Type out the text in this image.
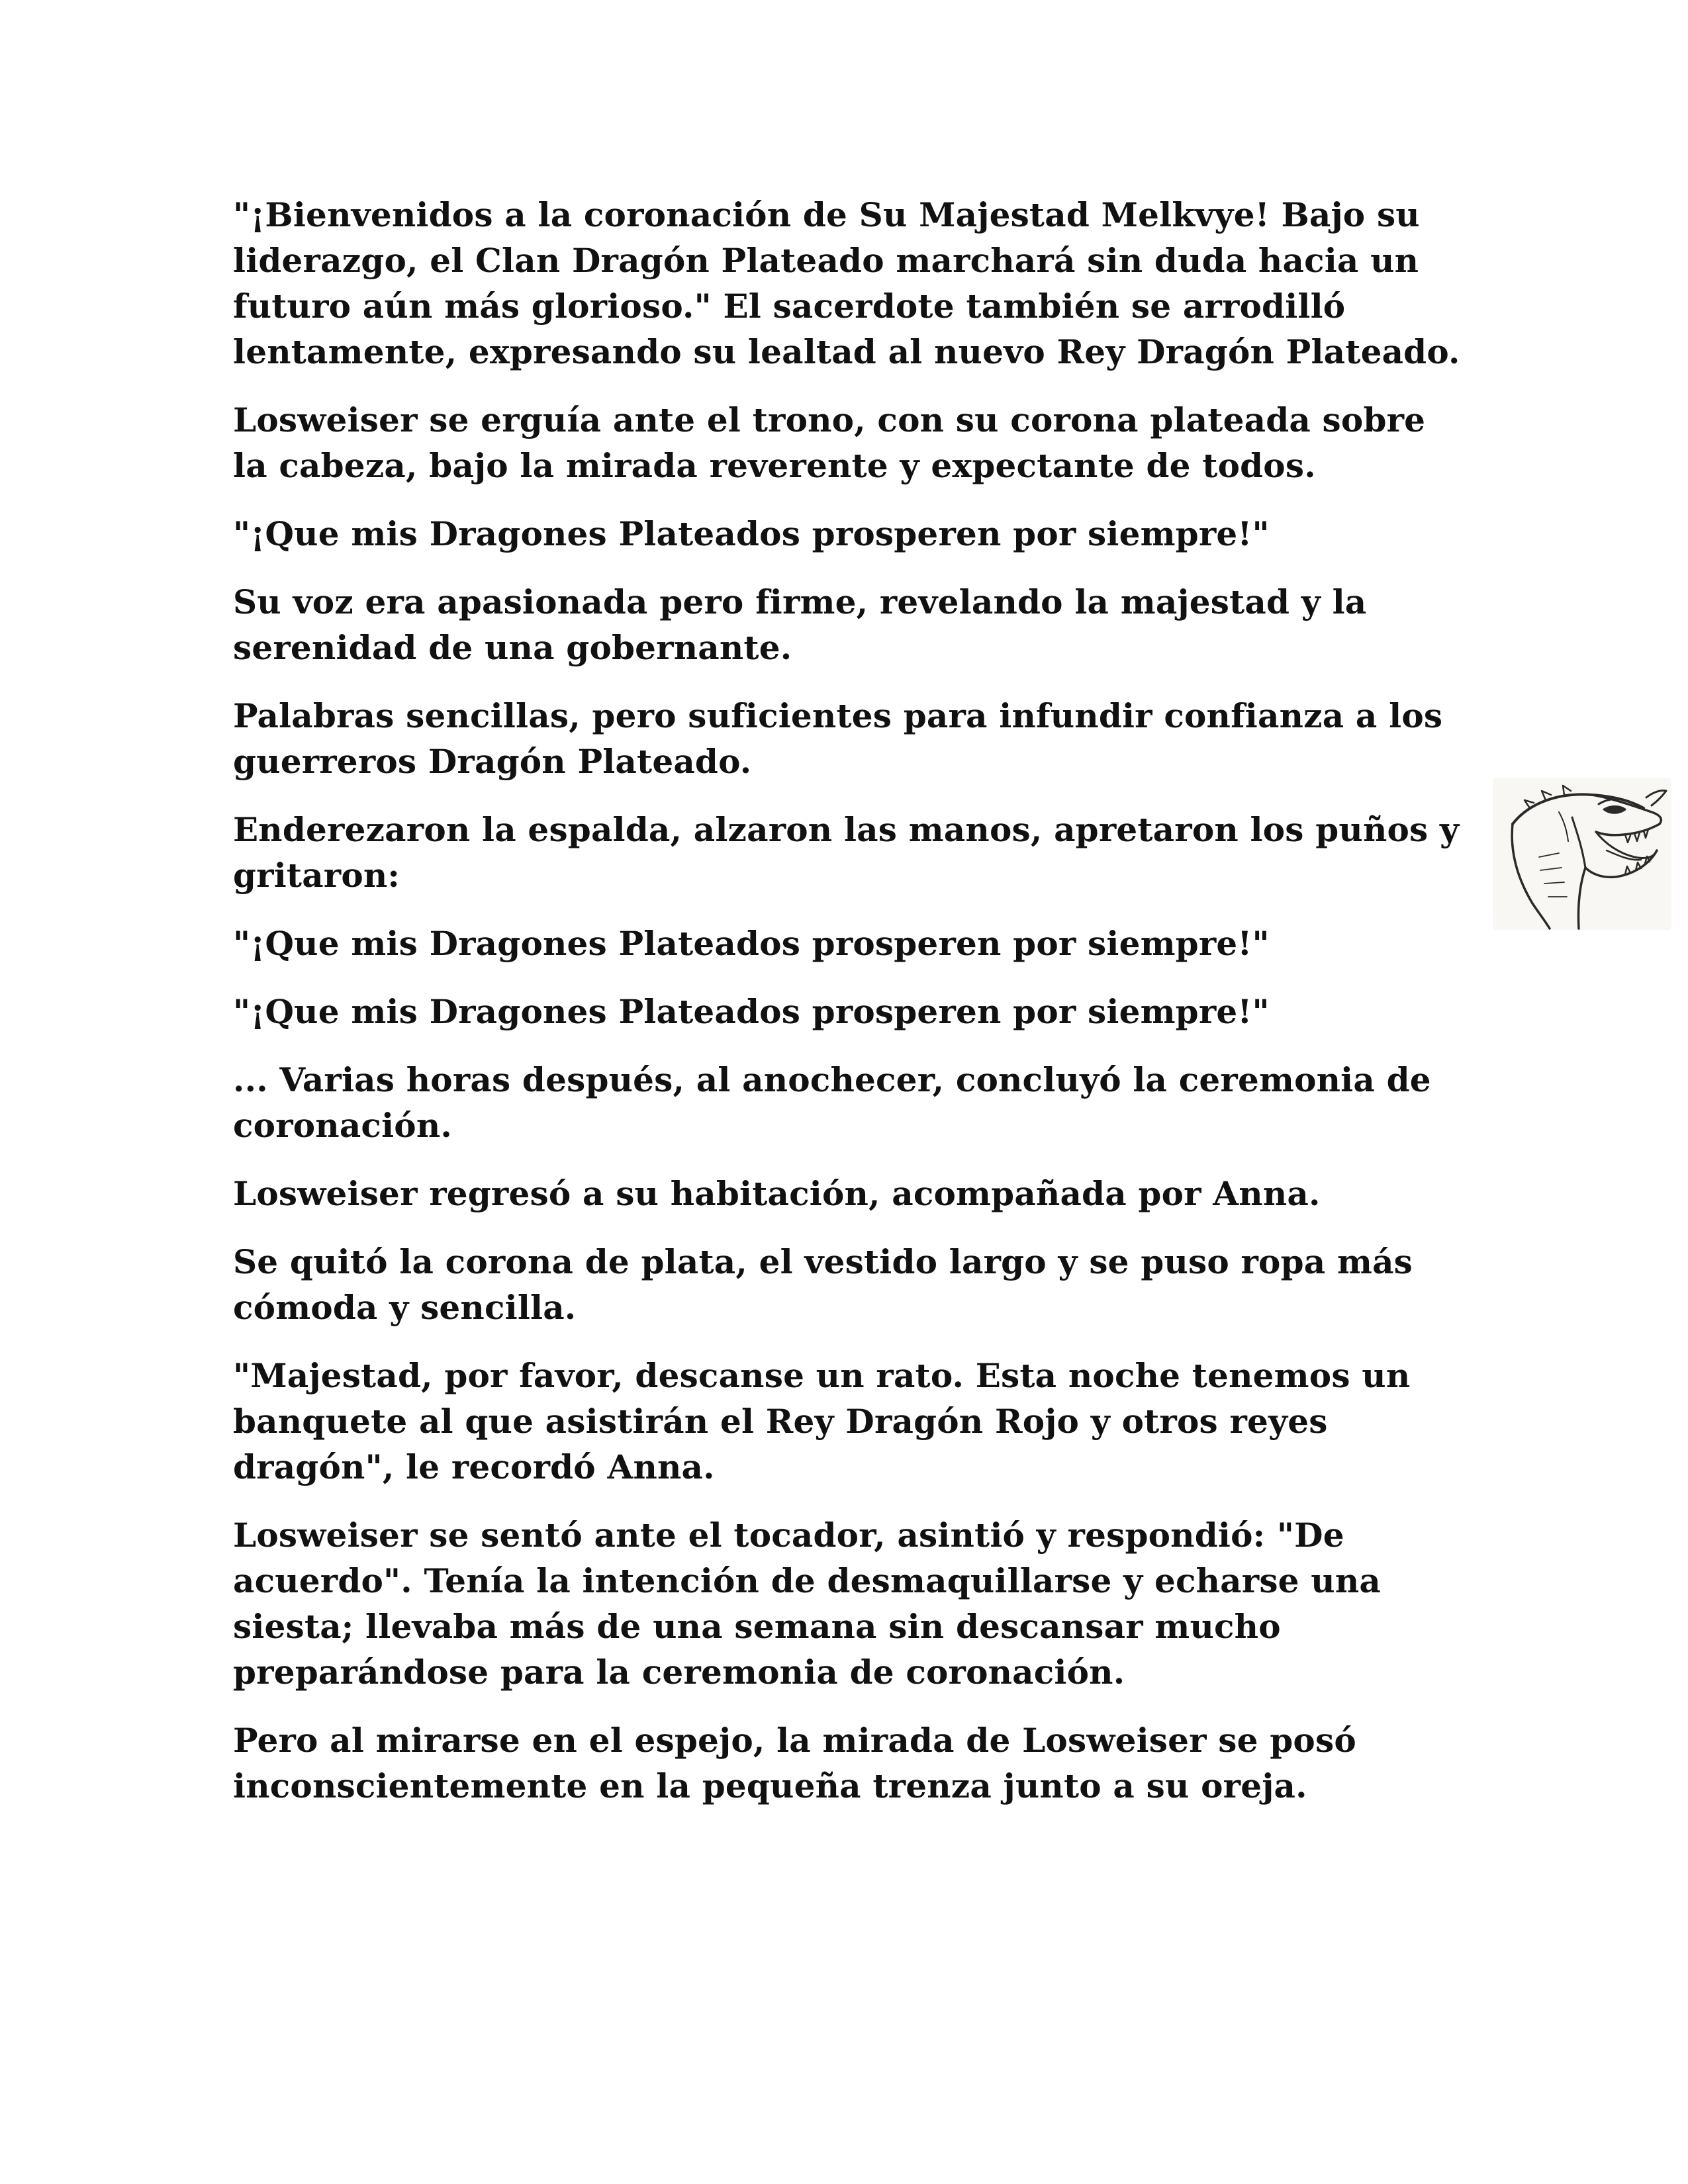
"¡Bienvenidos a la coronación de Su Majestad Melkvye! Bajo su liderazgo, el Clan Dragón Plateado marchará sin duda hacia un futuro aún más glorioso." El sacerdote también se arrodilló lentamente, expresando su lealtad al nuevo Rey Dragón Plateado.

Losweiser se erguía ante el trono, con su corona plateada sobre la cabeza, bajo la mirada reverente y expectante de todos.

"¡Que mis Dragones Plateados prosperen por siempre!"

Su voz era apasionada pero firme, revelando la majestad y la serenidad de una gobernante.

Palabras sencillas, pero suficientes para infundir confianza a los guerreros Dragón Plateado.

Enderezaron la espalda, alzaron las manos, apretaron los puños y gritaron:

"¡Que mis Dragones Plateados prosperen por siempre!"

"¡Que mis Dragones Plateados prosperen por siempre!"

... Varias horas después, al anochecer, concluyó la ceremonia de coronación.

Losweiser regresó a su habitación, acompañada por Anna.

Se quitó la corona de plata, el vestido largo y se puso ropa más cómoda y sencilla.

"Majestad, por favor, descanse un rato. Esta noche tenemos un banquete al que asistirán el Rey Dragón Rojo y otros reyes dragón", le recordó Anna.

Losweiser se sentó ante el tocador, asintió y respondió: "De acuerdo". Tenía la intención de desmaquillarse y echarse una siesta; llevaba más de una semana sin descansar mucho preparándose para la ceremonia de coronación.

Pero al mirarse en el espejo, la mirada de Losweiser se posó inconscientemente en la pequeña trenza junto a su oreja.
